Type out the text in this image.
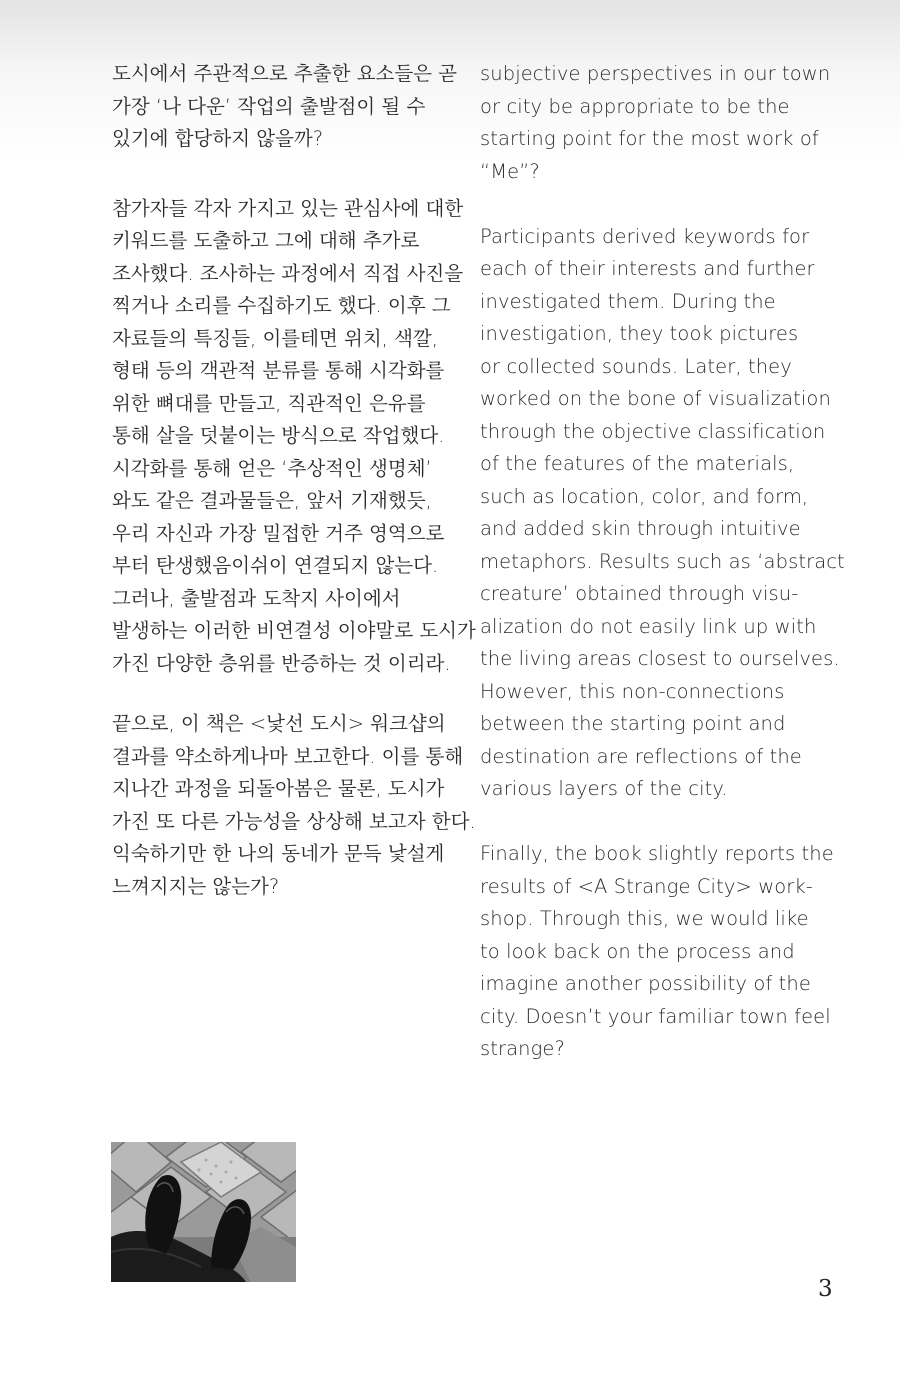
도시에서 주관적으로 추출한 요소들은 곧
가장 ‘나 다운’ 작업의 출발점이 될 수
있기에 합당하지 않을까?

참가자들 각자 가지고 있는 관심사에 대한
키워드를 도출하고 그에 대해 추가로
조사했다. 조사하는 과정에서 직접 사진을
찍거나 소리를 수집하기도 했다. 이후 그
자료들의 특징들, 이를테면 위치, 색깔,
형태 등의 객관적 분류를 통해 시각화를
위한 뼈대를 만들고, 직관적인 은유를
통해 살을 덧붙이는 방식으로 작업했다.
시각화를 통해 얻은 ‘추상적인 생명체’
와도 같은 결과물들은, 앞서 기재했듯,
우리 자신과 가장 밀접한 거주 영역으로
부터 탄생했음이쉬이 연결되지 않는다.
그러나, 출발점과 도착지 사이에서
발생하는 이러한 비연결성 이야말로 도시가
가진 다양한 층위를 반증하는 것 이리라.

끝으로, 이 책은 <낯선 도시> 워크샵의
결과를 약소하게나마 보고한다. 이를 통해
지나간 과정을 되돌아봄은 물론, 도시가
가진 또 다른 가능성을 상상해 보고자 한다.
익숙하기만 한 나의 동네가 문득 낯설게
느껴지지는 않는가?

subjective perspectives in our town
or city be appropriate to be the
starting point for the most work of
“Me”?

Participants derived keywords for
each of their interests and further
investigated them. During the
investigation, they took pictures
or collected sounds. Later, they
worked on the bone of visualization
through the objective classification
of the features of the materials,
such as location, color, and form,
and added skin through intuitive
metaphors. Results such as ‘abstract
creature’ obtained through visu-
alization do not easily link up with
the living areas closest to ourselves.
However, this non-connections
between the starting point and
destination are reflections of the
various layers of the city.

Finally, the book slightly reports the
results of <A Strange City> work-
shop. Through this, we would like
to look back on the process and
imagine another possibility of the
city. Doesn’t your familiar town feel
strange?

3
